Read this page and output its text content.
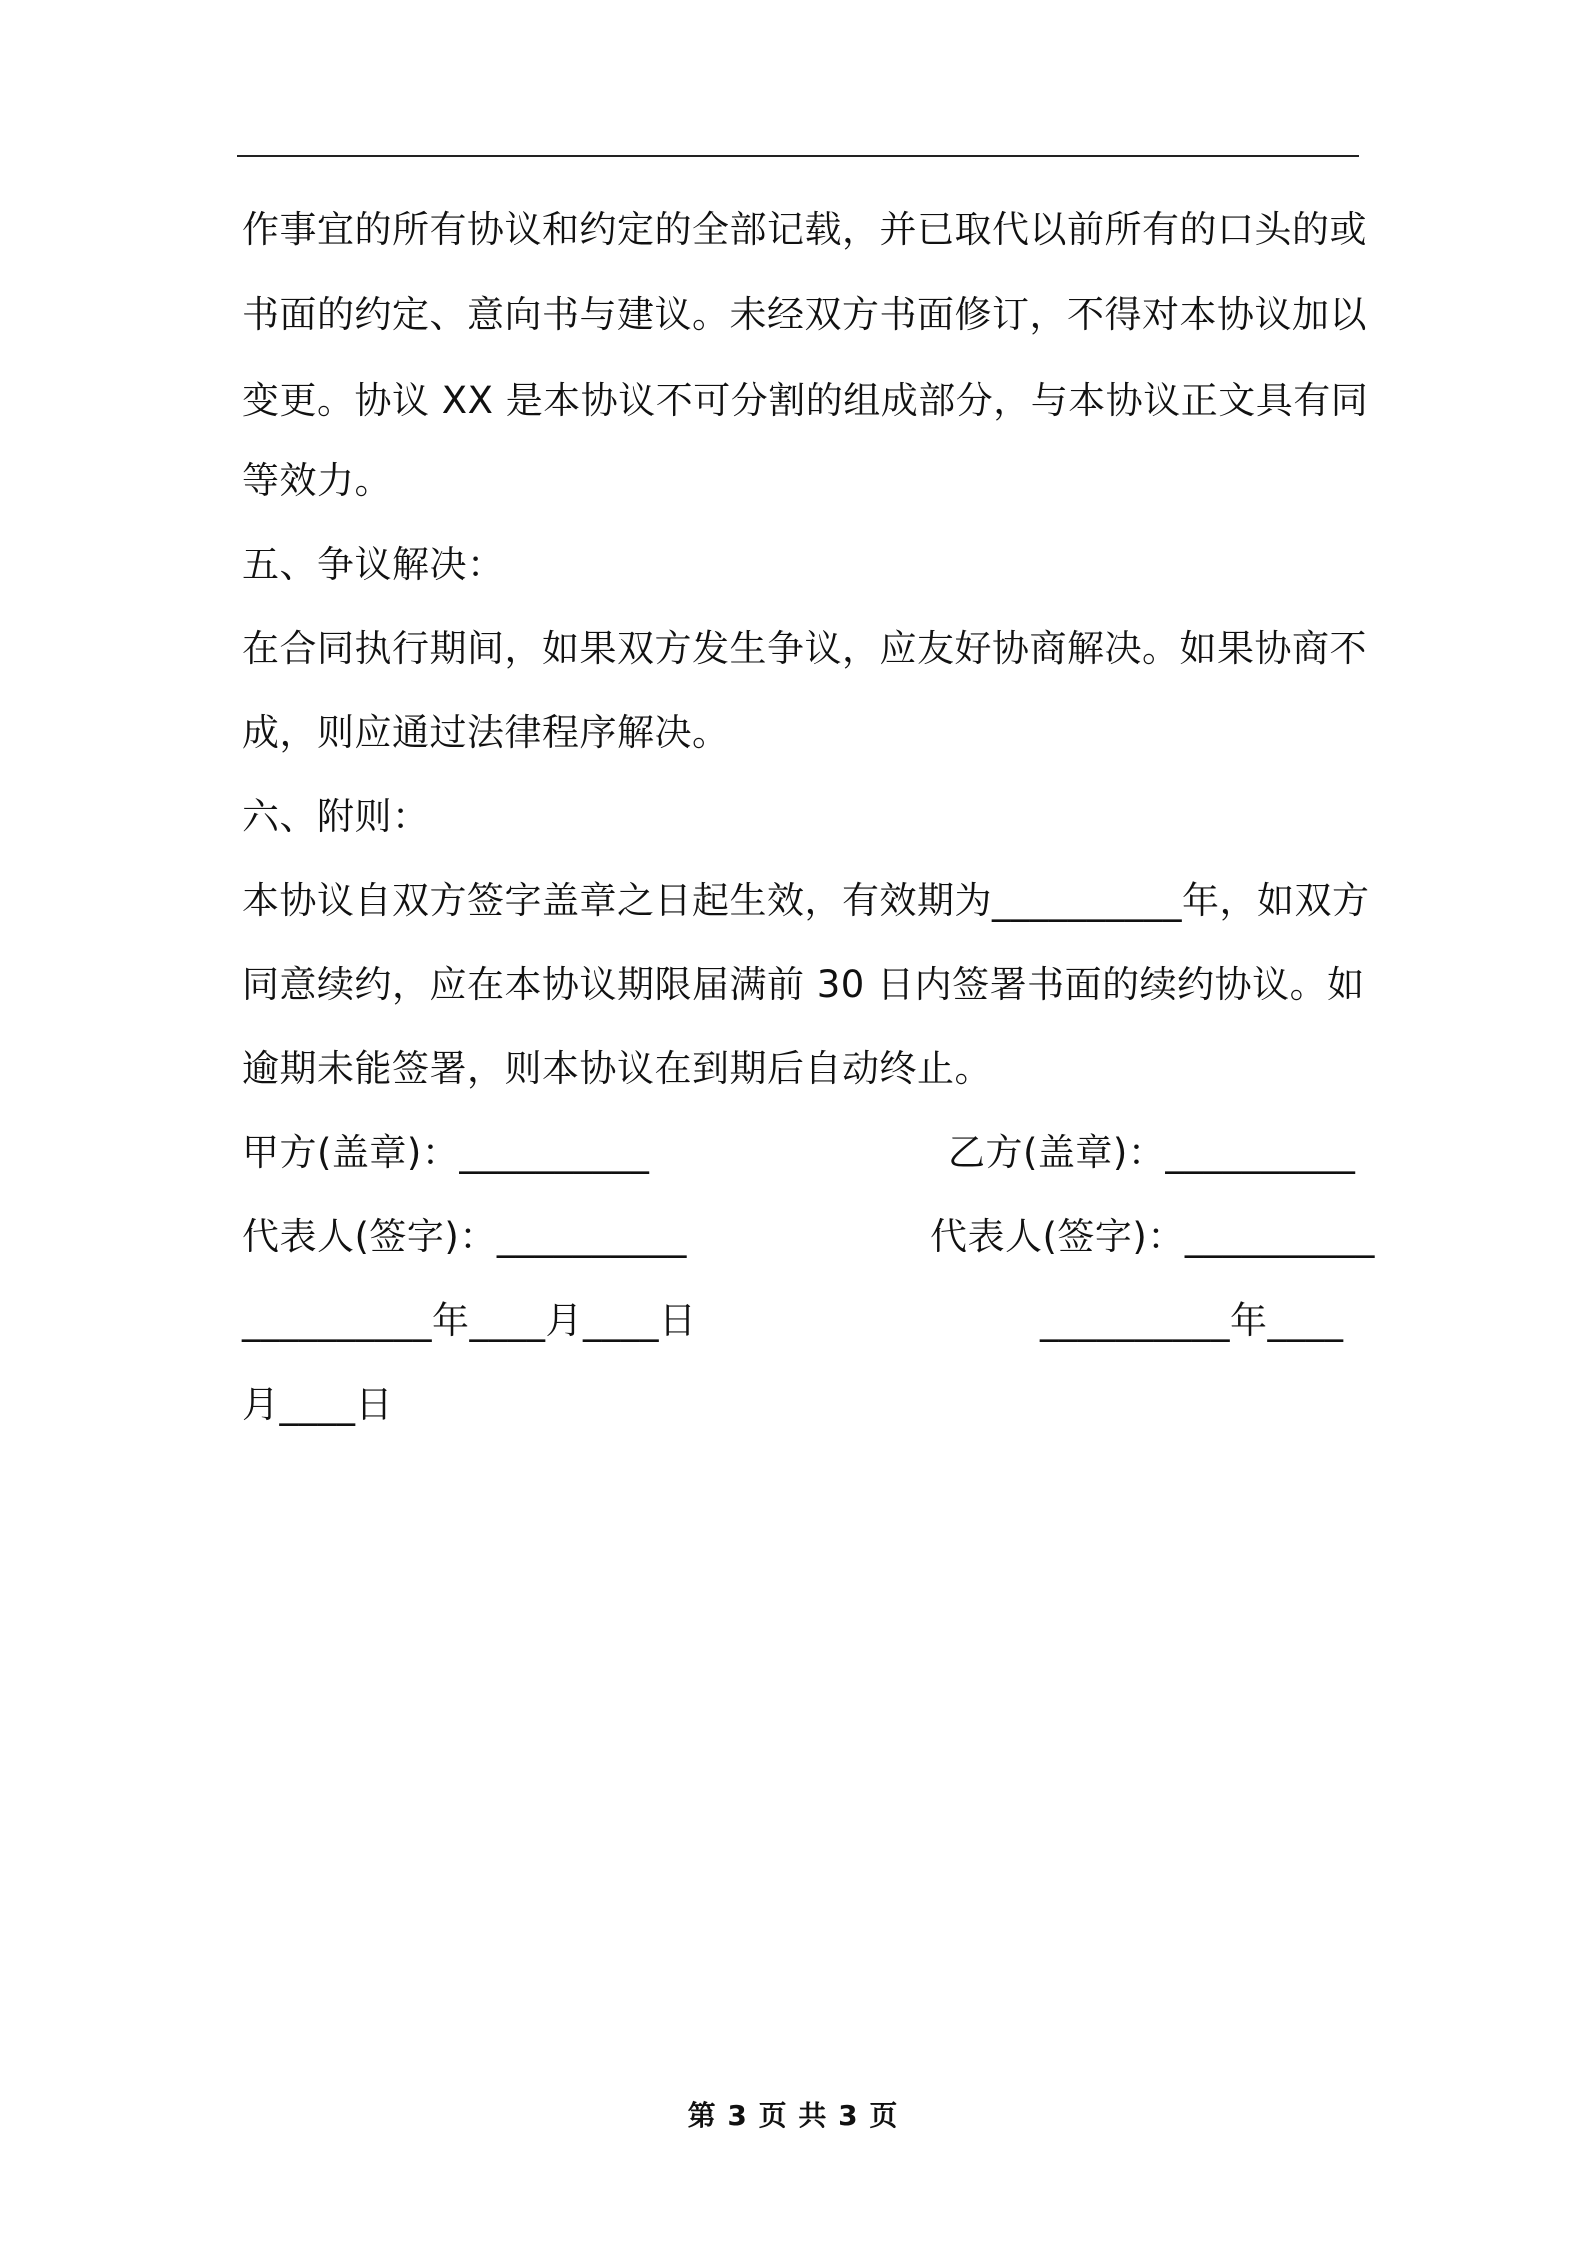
作事宜的所有协议和约定的全部记载，并已取代以前所有的口头的或
书面的约定、意向书与建议。未经双方书面修订，不得对本协议加以
变更。协议 XX 是本协议不可分割的组成部分，与本协议正文具有同
等效力。
五、争议解决：
在合同执行期间，如果双方发生争议，应友好协商解决。如果协商不
成，则应通过法律程序解决。
六、附则：
本协议自双方签字盖章之日起生效，有效期为__________年，如双方
同意续约，应在本协议期限届满前 30 日内签署书面的续约协议。如
逾期未能签署，则本协议在到期后自动终止。
甲方(盖章)：__________	乙方(盖章)：__________
代表人(签字)：__________	代表人(签字)：__________
__________年____月____日	__________年____
月____日
第 3 页 共 3 页
